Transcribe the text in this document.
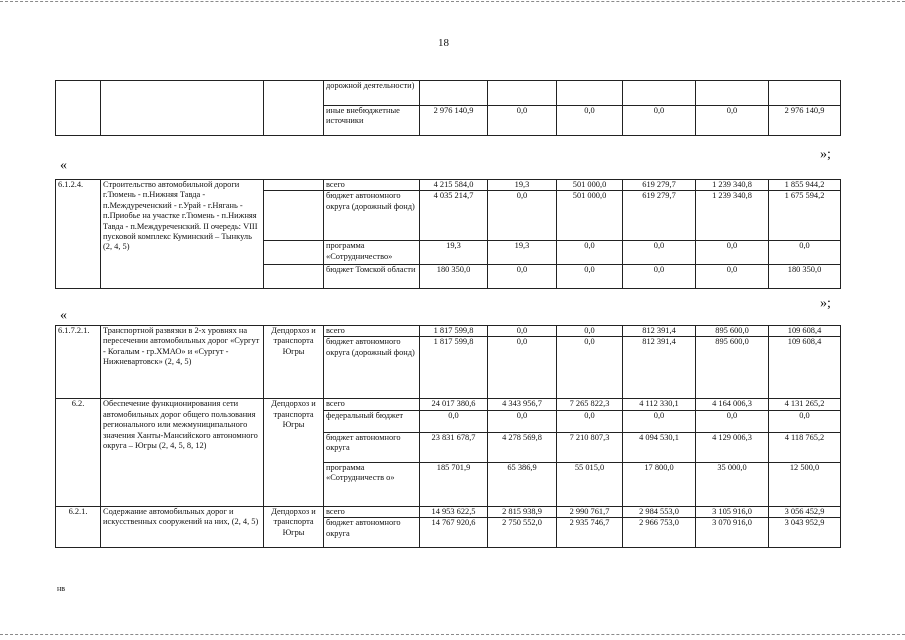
18
			дорожной деятельности)						
			иные внебюджетные источники	2 976 140,9	0,0	0,0	0,0	0,0	2 976 140,9
«
»;
6.1.2.4.	Строительство автомобильной дороги г.Тюмень - п.Нижняя Тавда - п.Междуреченский - г.Урай - г.Нягань - п.Приобье на участке г.Тюмень - п.Нижняя Тавда - п.Междуреченский. II очередь: VIII пусковой комплекс Куминский – Тынкуль (2, 4, 5)		всего	4 215 584,0	19,3	501 000,0	619 279,7	1 239 340,8	1 855 944,2
			бюджет автономного округа (дорожный фонд)	4 035 214,7	0,0	501 000,0	619 279,7	1 239 340,8	1 675 594,2
			программа «Сотрудничество»	19,3	19,3	0,0	0,0	0,0	0,0
			бюджет Томской области	180 350,0	0,0	0,0	0,0	0,0	180 350,0
«
»;
6.1.7.2.1.	Транспортной развязки в 2-х уровнях на пересечении автомобильных дорог «Сургут - Когалым - гр.ХМАО» и «Сургут - Нижневартовск» (2, 4, 5)	Депдорхоз и транспорта Югры	всего	1 817 599,8	0,0	0,0	812 391,4	895 600,0	109 608,4
			бюджет автономного округа (дорожный фонд)	1 817 599,8	0,0	0,0	812 391,4	895 600,0	109 608,4
6.2.	Обеспечение функционирования сети автомобильных дорог общего пользования регионального или межмуниципального значения Ханты-Мансийского автономного округа – Югры (2, 4, 5, 8, 12)	Депдорхоз и транспорта Югры	всего	24 017 380,6	4 343 956,7	7 265 822,3	4 112 330,1	4 164 006,3	4 131 265,2
			федеральный бюджет	0,0	0,0	0,0	0,0	0,0	0,0
			бюджет автономного округа	23 831 678,7	4 278 569,8	7 210 807,3	4 094 530,1	4 129 006,3	4 118 765,2
			программа «Сотрудничеств о»	185 701,9	65 386,9	55 015,0	17 800,0	35 000,0	12 500,0
6.2.1.	Содержание автомобильных дорог и искусственных сооружений на них, (2, 4, 5)	Депдорхоз и транспорта Югры	всего	14 953 622,5	2 815 938,9	2 990 761,7	2 984 553,0	3 105 916,0	3 056 452,9
			бюджет автономного округа	14 767 920,6	2 750 552,0	2 935 746,7	2 966 753,0	3 070 916,0	3 043 952,9
нв
